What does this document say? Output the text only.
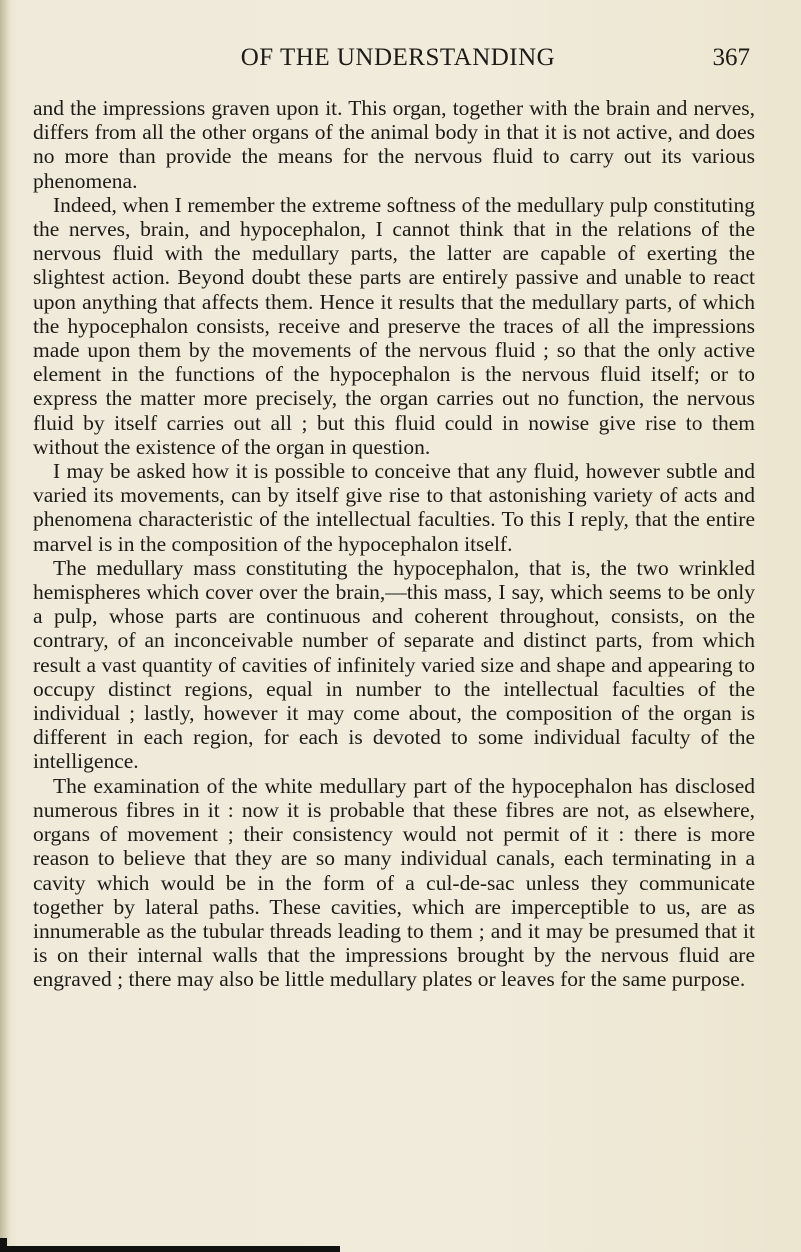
OF THE UNDERSTANDING	367

and the impressions graven upon it. This organ, together with the brain and nerves, differs from all the other organs of the animal body in that it is not active, and does no more than provide the means for the nervous fluid to carry out its various phenomena.

Indeed, when I remember the extreme softness of the medullary pulp constituting the nerves, brain, and hypocephalon, I cannot think that in the relations of the nervous fluid with the medullary parts, the latter are capable of exerting the slightest action. Beyond doubt these parts are entirely passive and unable to react upon anything that affects them. Hence it results that the medullary parts, of which the hypocephalon consists, receive and preserve the traces of all the impressions made upon them by the movements of the nervous fluid ; so that the only active element in the functions of the hypocephalon is the nervous fluid itself; or to express the matter more precisely, the organ carries out no function, the nervous fluid by itself carries out all ; but this fluid could in nowise give rise to them without the existence of the organ in question.

I may be asked how it is possible to conceive that any fluid, however subtle and varied its movements, can by itself give rise to that astonishing variety of acts and phenomena characteristic of the intellectual faculties. To this I reply, that the entire marvel is in the composition of the hypocephalon itself.

The medullary mass constituting the hypocephalon, that is, the two wrinkled hemispheres which cover over the brain,—this mass, I say, which seems to be only a pulp, whose parts are continuous and coherent throughout, consists, on the contrary, of an inconceivable number of separate and distinct parts, from which result a vast quantity of cavities of infinitely varied size and shape and appearing to occupy distinct regions, equal in number to the intellectual faculties of the individual ; lastly, however it may come about, the composition of the organ is different in each region, for each is devoted to some individual faculty of the intelligence.

The examination of the white medullary part of the hypocephalon has disclosed numerous fibres in it : now it is probable that these fibres are not, as elsewhere, organs of movement ; their consistency would not permit of it : there is more reason to believe that they are so many individual canals, each terminating in a cavity which would be in the form of a cul-de-sac unless they communicate together by lateral paths. These cavities, which are imperceptible to us, are as innumerable as the tubular threads leading to them ; and it may be presumed that it is on their internal walls that the impressions brought by the nervous fluid are engraved ; there may also be little medullary plates or leaves for the same purpose.
